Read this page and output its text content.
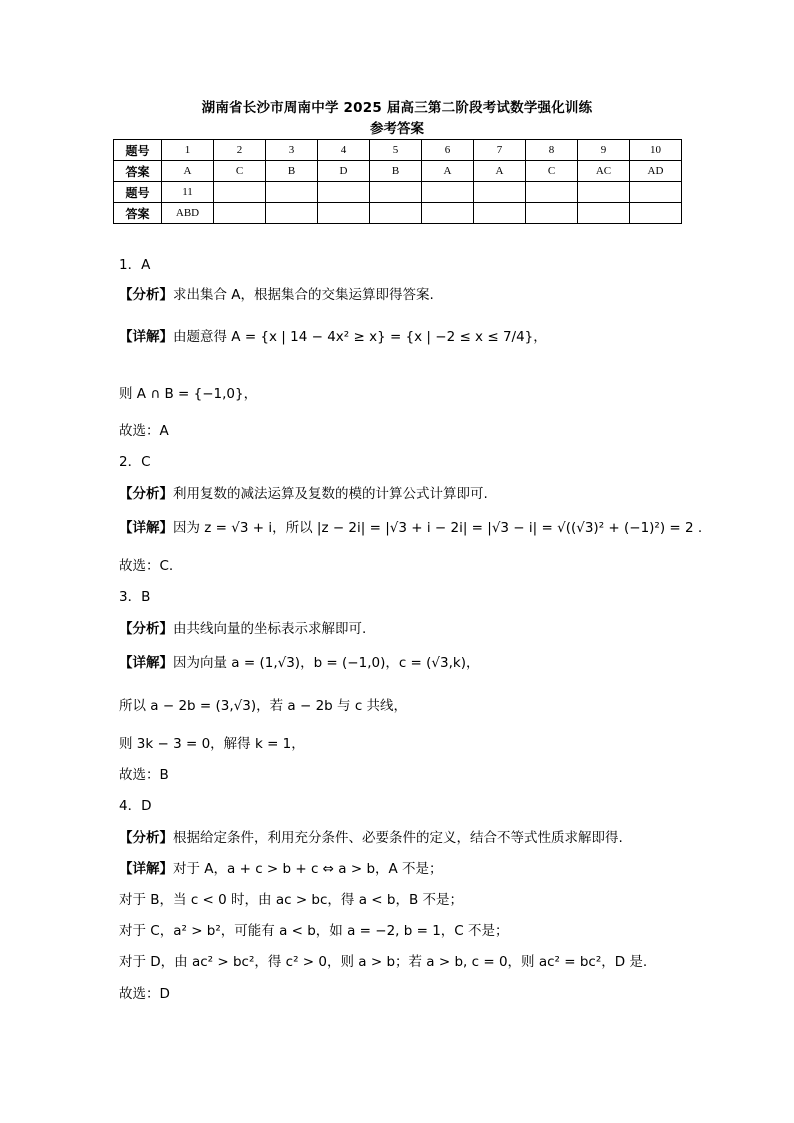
湖南省长沙市周南中学 2025 届高三第二阶段考试数学强化训练
参考答案
题号	1	2	3	4	5	6	7	8	9	10
答案	A	C	B	D	B	A	A	C	AC	AD
题号	11									
答案	ABD									
1．A
【分析】求出集合 A，根据集合的交集运算即得答案.
【详解】由题意得 A = {x | 14 − 4x² ≥ x} = {x | −2 ≤ x ≤ 7/4}，
则 A ∩ B = {−1,0}，
故选：A
2．C
【分析】利用复数的减法运算及复数的模的计算公式计算即可.
【详解】因为 z = √3 + i，所以 |z − 2i| = |√3 + i − 2i| = |√3 − i| = √((√3)² + (−1)²) = 2 .
故选：C.
3．B
【分析】由共线向量的坐标表示求解即可.
【详解】因为向量 a = (1,√3)，b = (−1,0)，c = (√3,k)，
所以 a − 2b = (3,√3)，若 a − 2b 与 c 共线，
则 3k − 3 = 0，解得 k = 1，
故选：B
4．D
【分析】根据给定条件，利用充分条件、必要条件的定义，结合不等式性质求解即得.
【详解】对于 A，a + c > b + c ⇔ a > b，A 不是；
对于 B，当 c < 0 时，由 ac > bc，得 a < b，B 不是；
对于 C，a² > b²，可能有 a < b，如 a = −2, b = 1，C 不是；
对于 D，由 ac² > bc²，得 c² > 0，则 a > b；若 a > b, c = 0，则 ac² = bc²，D 是.
故选：D
